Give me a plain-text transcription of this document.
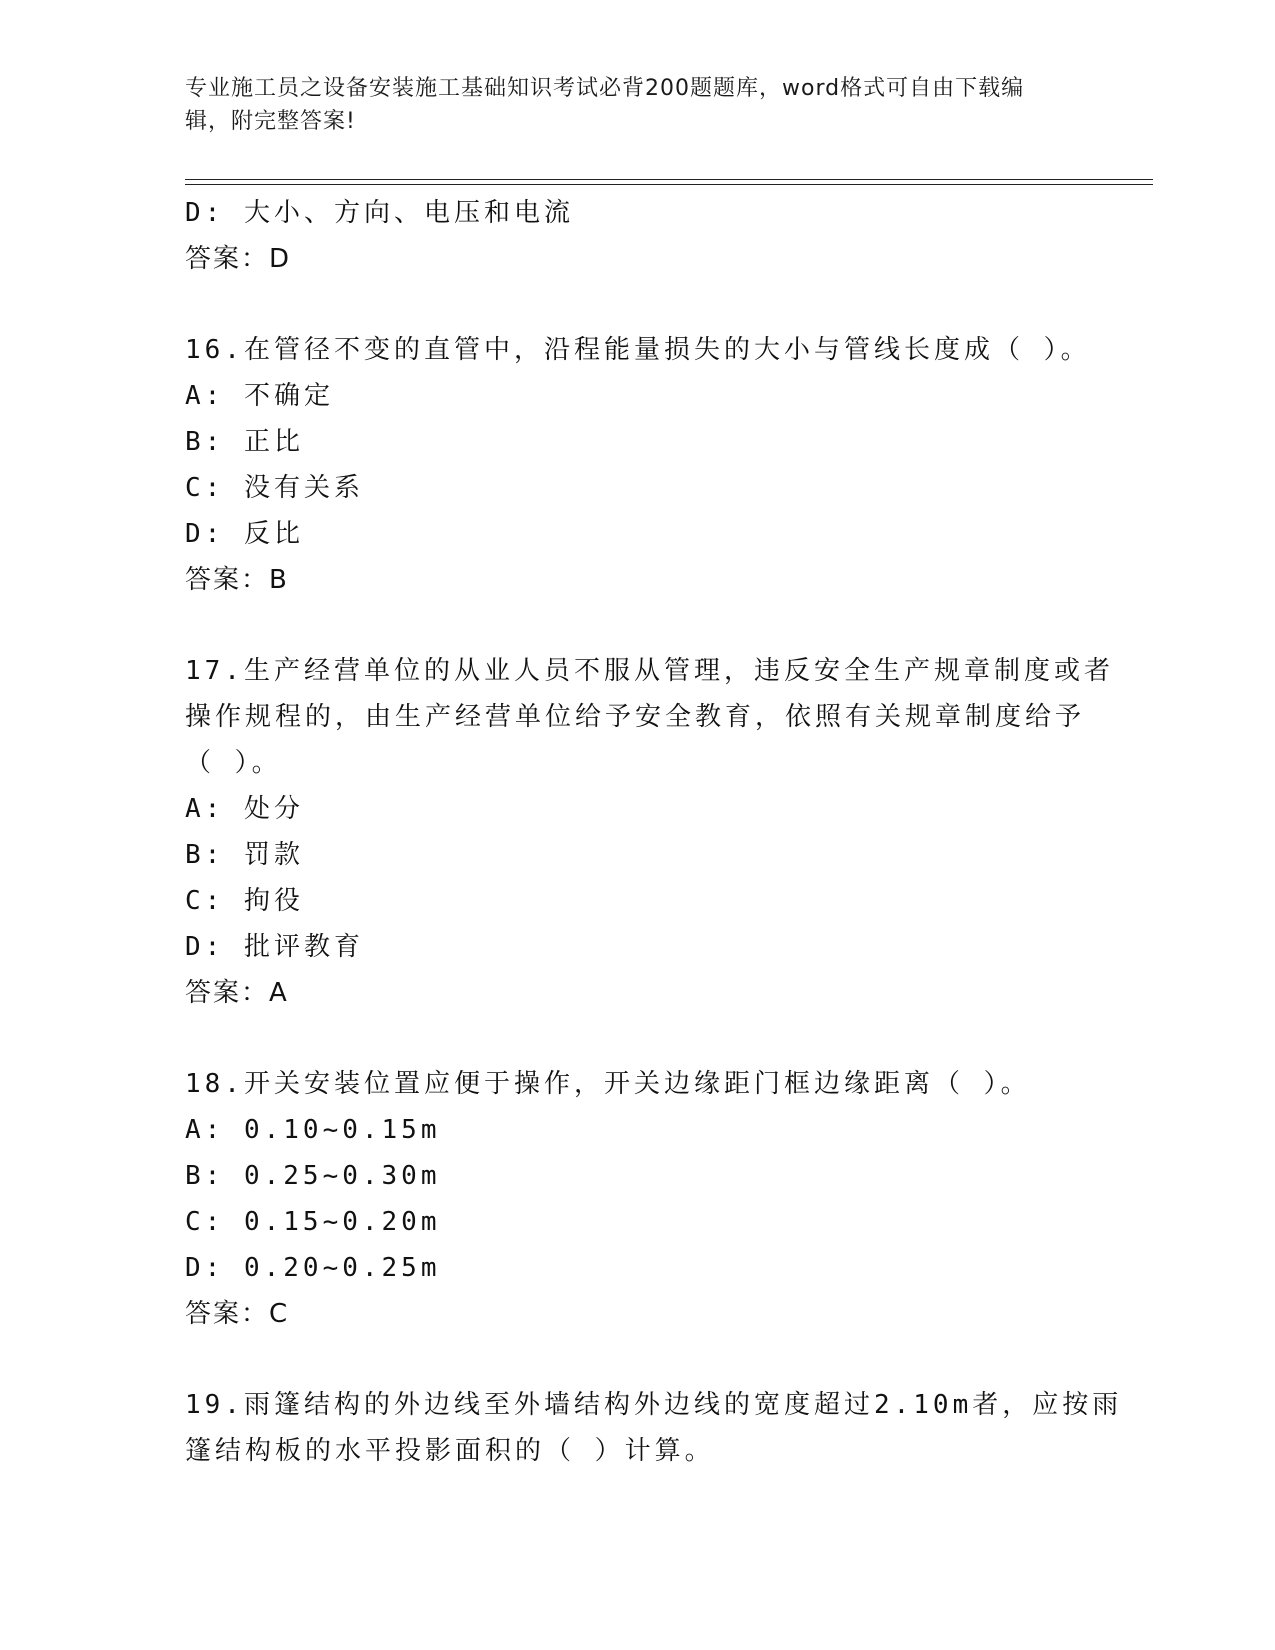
专业施工员之设备安装施工基础知识考试必背200题题库，word格式可自由下载编辑，附完整答案!
D: 大小、方向、电压和电流
答案：D
16.在管径不变的直管中，沿程能量损失的大小与管线长度成（ ）。
A: 不确定
B: 正比
C: 没有关系
D: 反比
答案：B
17.生产经营单位的从业人员不服从管理，违反安全生产规章制度或者
操作规程的，由生产经营单位给予安全教育，依照有关规章制度给予
（ ）。
A: 处分
B: 罚款
C: 拘役
D: 批评教育
答案：A
18.开关安装位置应便于操作，开关边缘距门框边缘距离（ ）。
A: 0.10~0.15m
B: 0.25~0.30m
C: 0.15~0.20m
D: 0.20~0.25m
答案：C
19.雨篷结构的外边线至外墙结构外边线的宽度超过2.10m者，应按雨
篷结构板的水平投影面积的（ ）计算。
